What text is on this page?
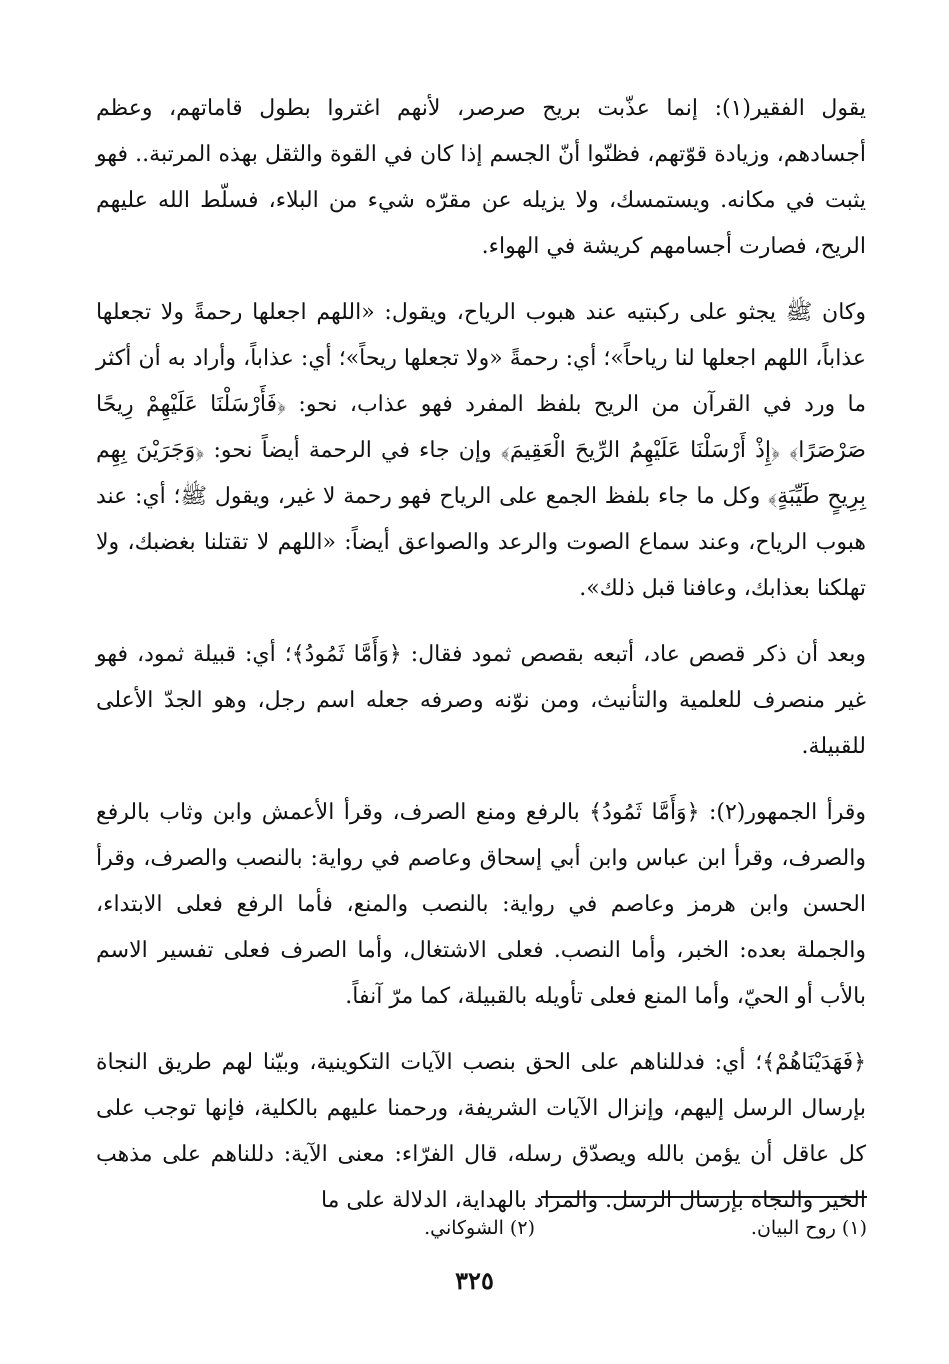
يقول الفقير(١): إنما عذّبت بريح صرصر، لأنهم اغتروا بطول قاماتهم، وعظم أجسادهم، وزيادة قوّتهم، فظنّوا أنّ الجسم إذا كان في القوة والثقل بهذه المرتبة.. فهو يثبت في مكانه. ويستمسك، ولا يزيله عن مقرّه شيء من البلاء، فسلّط الله عليهم الريح، فصارت أجسامهم كريشة في الهواء.

وكان ﷺ يجثو على ركبتيه عند هبوب الرياح، ويقول: «اللهم اجعلها رحمةً ولا تجعلها عذاباً، اللهم اجعلها لنا رياحاً»؛ أي: رحمةً «ولا تجعلها ريحاً»؛ أي: عذاباً، وأراد به أن أكثر ما ورد في القرآن من الريح بلفظ المفرد فهو عذاب، نحو: ﴿فَأَرْسَلْنَا عَلَيْهِمْ رِيحًا صَرْصَرًا﴾ ﴿إِذْ أَرْسَلْنَا عَلَيْهِمُ الرِّيحَ الْعَقِيمَ﴾ وإن جاء في الرحمة أيضاً نحو: ﴿وَجَرَيْنَ بِهِم بِرِيحٍ طَيِّبَةٍ﴾ وكل ما جاء بلفظ الجمع على الرياح فهو رحمة لا غير، ويقول ﷺ؛ أي: عند هبوب الرياح، وعند سماع الصوت والرعد والصواعق أيضاً: «اللهم لا تقتلنا بغضبك، ولا تهلكنا بعذابك، وعافنا قبل ذلك».

وبعد أن ذكر قصص عاد، أتبعه بقصص ثمود فقال: ﴿وَأَمَّا ثَمُودُ﴾؛ أي: قبيلة ثمود، فهو غير منصرف للعلمية والتأنيث، ومن نوّنه وصرفه جعله اسم رجل، وهو الجدّ الأعلى للقبيلة.

وقرأ الجمهور(٢): ﴿وَأَمَّا ثَمُودُ﴾ بالرفع ومنع الصرف، وقرأ الأعمش وابن وثاب بالرفع والصرف، وقرأ ابن عباس وابن أبي إسحاق وعاصم في رواية: بالنصب والصرف، وقرأ الحسن وابن هرمز وعاصم في رواية: بالنصب والمنع، فأما الرفع فعلى الابتداء، والجملة بعده: الخبر، وأما النصب. فعلى الاشتغال، وأما الصرف فعلى تفسير الاسم بالأب أو الحيّ، وأما المنع فعلى تأويله بالقبيلة، كما مرّ آنفاً.

﴿فَهَدَيْنَاهُمْ﴾؛ أي: فدللناهم على الحق بنصب الآيات التكوينية، وبيّنا لهم طريق النجاة بإرسال الرسل إليهم، وإنزال الآيات الشريفة، ورحمنا عليهم بالكلية، فإنها توجب على كل عاقل أن يؤمن بالله ويصدّق رسله، قال الفرّاء: معنى الآية: دللناهم على مذهب الخير والنجاة بإرسال الرسل. والمراد بالهداية، الدلالة على ما

(١) روح البيان.
(٢) الشوكاني.
٣٢٥
